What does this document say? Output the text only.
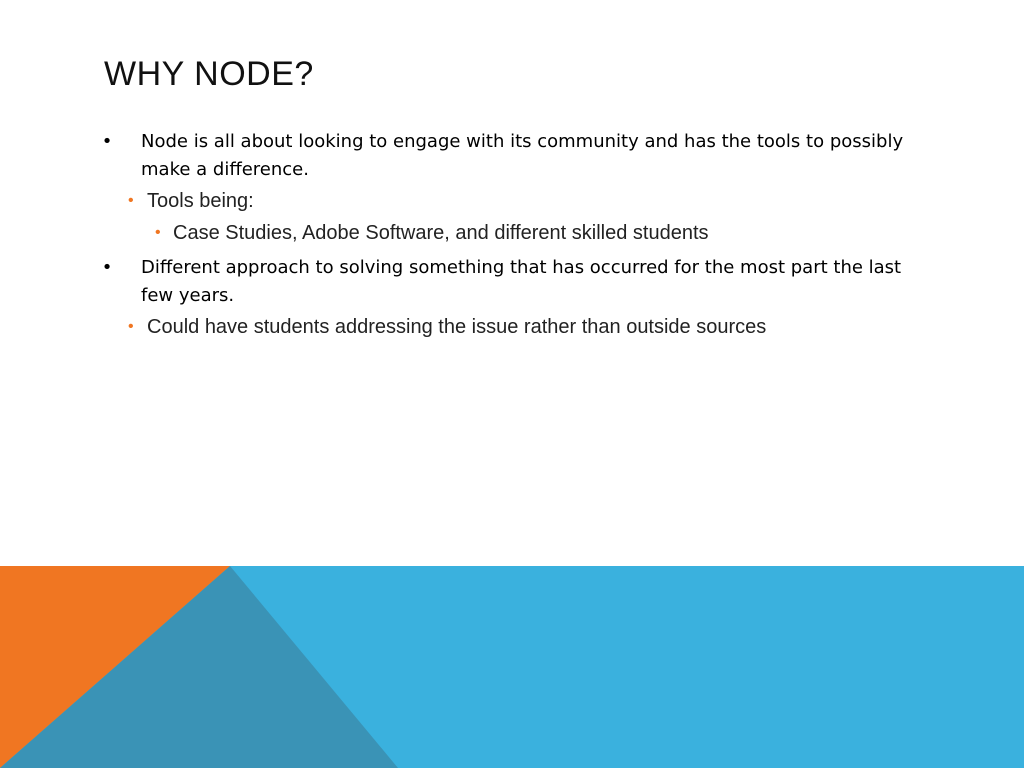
WHY NODE?
• Node is all about looking to engage with its community and has the tools to possibly make a difference.
• Tools being:
• Case Studies, Adobe Software, and different skilled students
• Different approach to solving something that has occurred for the most part the last few years.
• Could have students addressing the issue rather than outside sources
